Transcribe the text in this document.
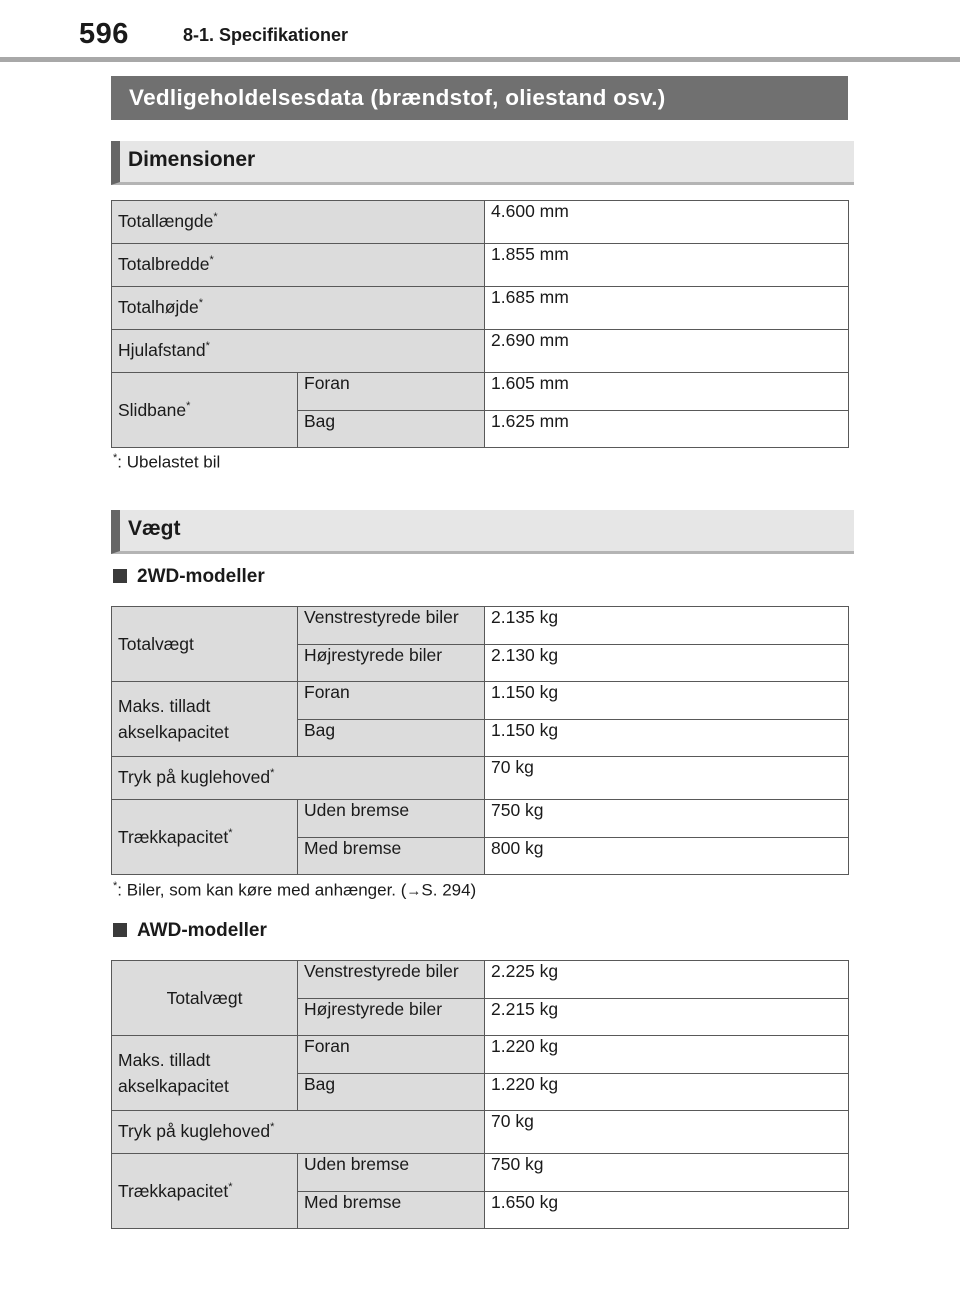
596	8-1. Specifikationer
Vedligeholdelsesdata (brændstof, oliestand osv.)
Dimensioner
Totallængde*		4.600 mm
Totalbredde*		1.855 mm
Totalhøjde*		1.685 mm
Hjulafstand*		2.690 mm
Slidbane*	Foran	1.605 mm
	Bag	1.625 mm
*: Ubelastet bil
Vægt
2WD-modeller
Totalvægt	Venstrestyrede biler	2.135 kg
	Højrestyrede biler	2.130 kg
Maks. tilladt
akselkapacitet	Foran	1.150 kg
	Bag	1.150 kg
Tryk på kuglehoved*		70 kg
Trækkapacitet*	Uden bremse	750 kg
	Med bremse	800 kg
*: Biler, som kan køre med anhænger. (→S. 294)
AWD-modeller
Totalvægt	Venstrestyrede biler	2.225 kg
	Højrestyrede biler	2.215 kg
Maks. tilladt
akselkapacitet	Foran	1.220 kg
	Bag	1.220 kg
Tryk på kuglehoved*		70 kg
Trækkapacitet*	Uden bremse	750 kg
	Med bremse	1.650 kg
